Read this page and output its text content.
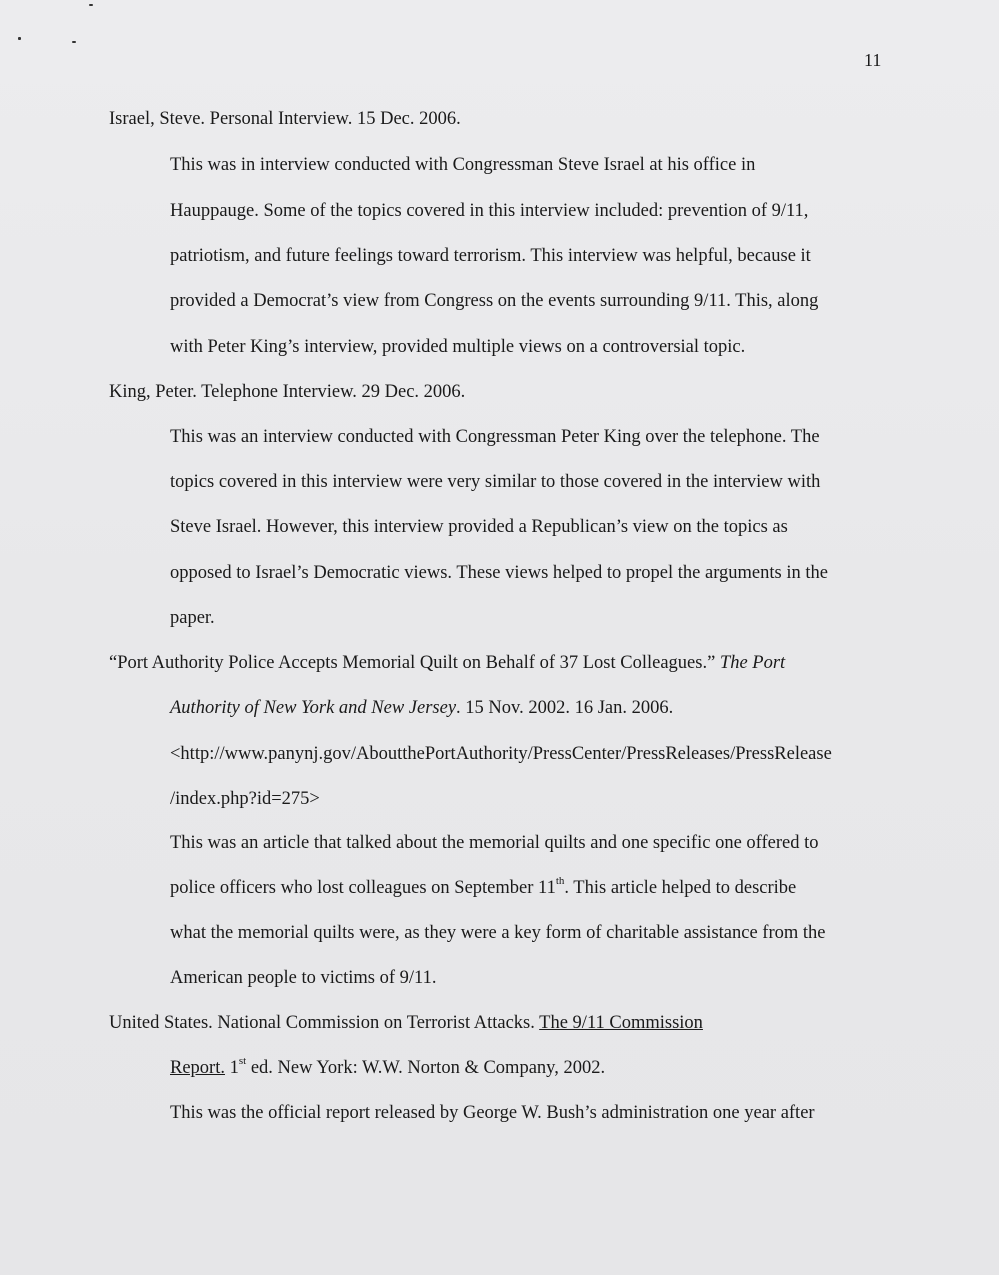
11
Israel, Steve. Personal Interview. 15 Dec. 2006.
This was in interview conducted with Congressman Steve Israel at his office in
Hauppauge. Some of the topics covered in this interview included: prevention of 9/11,
patriotism, and future feelings toward terrorism. This interview was helpful, because it
provided a Democrat’s view from Congress on the events surrounding 9/11. This, along
with Peter King’s interview, provided multiple views on a controversial topic.
King, Peter. Telephone Interview. 29 Dec. 2006.
This was an interview conducted with Congressman Peter King over the telephone. The
topics covered in this interview were very similar to those covered in the interview with
Steve Israel. However, this interview provided a Republican’s view on the topics as
opposed to Israel’s Democratic views. These views helped to propel the arguments in the
paper.
“Port Authority Police Accepts Memorial Quilt on Behalf of 37 Lost Colleagues.” The Port
Authority of New York and New Jersey. 15 Nov. 2002. 16 Jan. 2006.
<http://www.panynj.gov/AboutthePortAuthority/PressCenter/PressReleases/PressRelease
/index.php?id=275>
This was an article that talked about the memorial quilts and one specific one offered to
police officers who lost colleagues on September 11th. This article helped to describe
what the memorial quilts were, as they were a key form of charitable assistance from the
American people to victims of 9/11.
United States. National Commission on Terrorist Attacks. The 9/11 Commission
Report. 1st ed. New York: W.W. Norton & Company, 2002.
This was the official report released by George W. Bush’s administration one year after
